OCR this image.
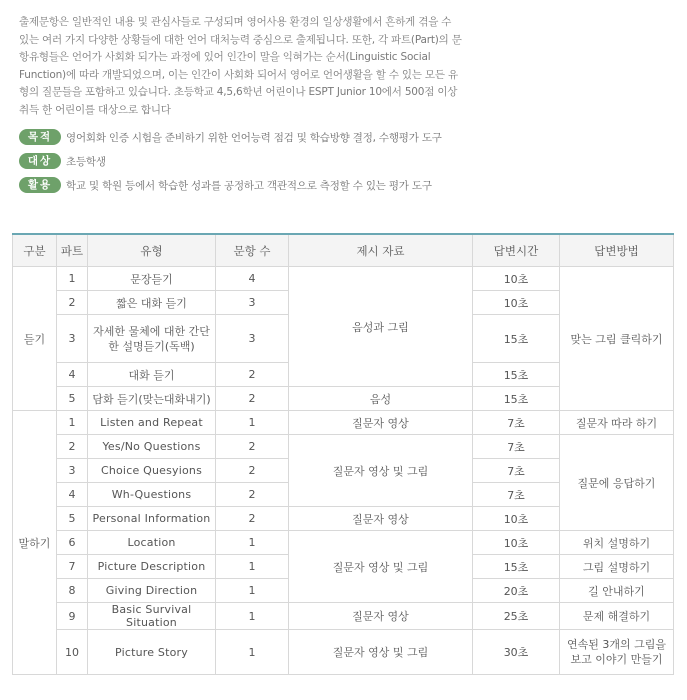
출제문항은 일반적인 내용 및 관심사들로 구성되며 영어사용 환경의 일상생활에서 흔하게 겪을 수 있는 여러 가지 다양한 상황들에 대한 언어 대처능력 중심으로 출제됩니다. 또한, 각 파트(Part)의 문항유형들은 언어가 사회화 되가는 과정에 있어 인간이 말을 익혀가는 순서(Linguistic Social Function)에 따라 개발되었으며, 이는 인간이 사회화 되어서 영어로 언어생활을 할 수 있는 모든 유형의 질문들을 포함하고 있습니다. 초등학교 4,5,6학년 어린이나 ESPT Junior 10에서 500점 이상 취득 한 어린이를 대상으로 합니다

목적	영어회화 인증 시험을 준비하기 위한 언어능력 점검 및 학습방향 결정, 수행평가 도구
대상	초등학생
활용	학교 및 학원 등에서 학습한 성과를 공정하고 객관적으로 측정할 수 있는 평가 도구
구분	파트	유형	문항 수	제시 자료	답변시간	답변방법
듣기	1	문장듣기	4	음성과 그림	10초	맞는 그림 클릭하기
	2	짧은 대화 듣기	3		10초	
	3	자세한 물체에 대한 간단한 설명듣기(독백)	3		15초	
	4	대화 듣기	2		15초	
	5	담화 듣기(맞는대화내기)	2	음성	15초	
말하기	1	Listen and Repeat	1	질문자 영상	7초	질문자 따라 하기
	2	Yes/No Questions	2	질문자 영상 및 그림	7초	질문에 응답하기
	3	Choice Quesyions	2		7초	
	4	Wh-Questions	2		7초	
	5	Personal Information	2	질문자 영상	10초	
	6	Location	1	질문자 영상 및 그림	10초	위치 설명하기
	7	Picture Description	1		15초	그림 설명하기
	8	Giving Direction	1		20초	길 안내하기
	9	Basic Survival Situation	1	질문자 영상	25초	문제 해결하기
	10	Picture Story	1	질문자 영상 및 그림	30초	연속된 3개의 그림을 보고 이야기 만들기
